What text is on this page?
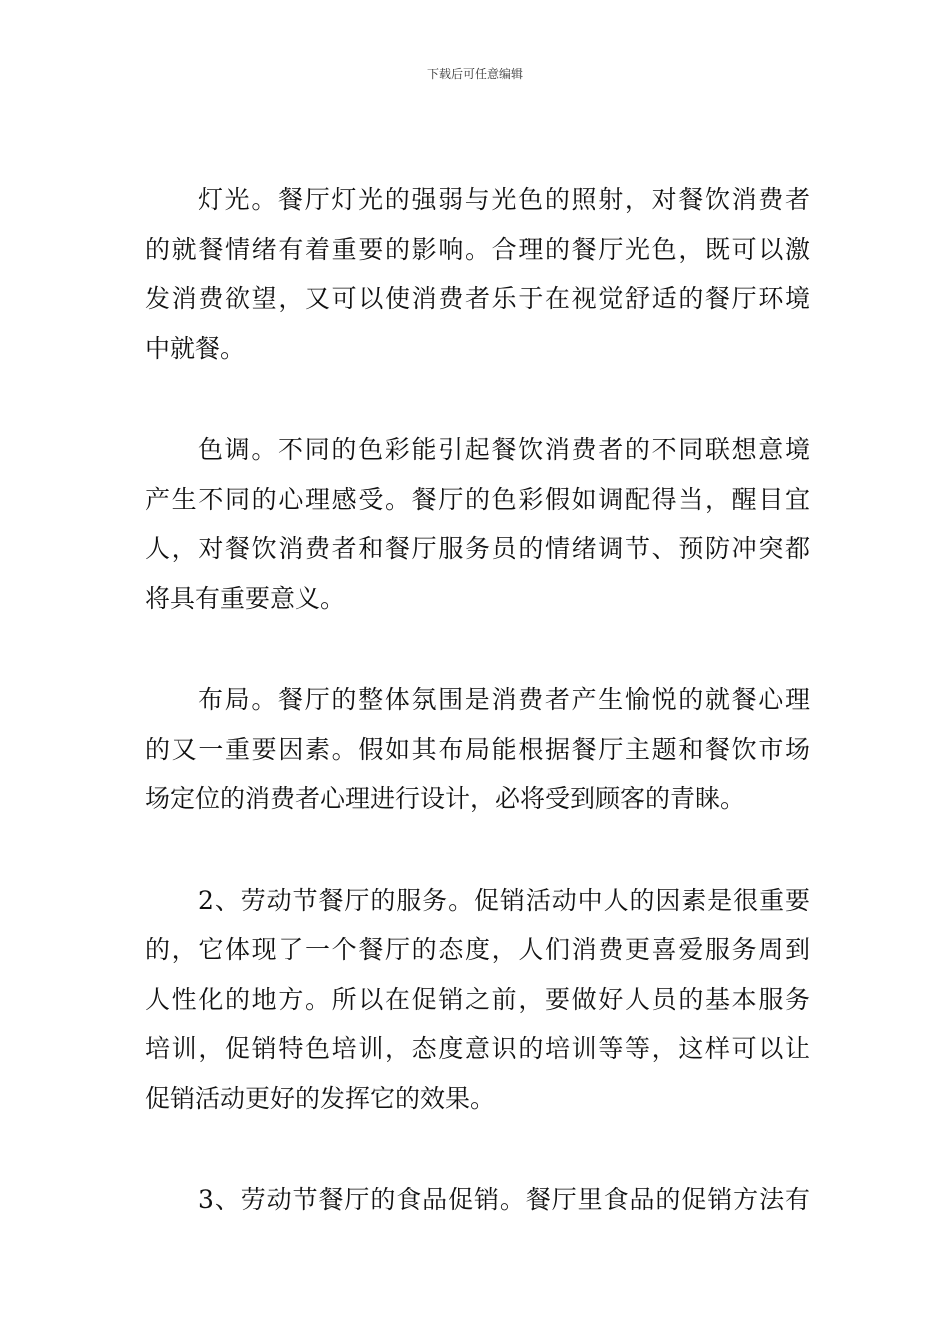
下载后可任意编辑

灯光。餐厅灯光的强弱与光色的照射，对餐饮消费者
的就餐情绪有着重要的影响。合理的餐厅光色，既可以激
发消费欲望，又可以使消费者乐于在视觉舒适的餐厅环境
中就餐。

色调。不同的色彩能引起餐饮消费者的不同联想意境
产生不同的心理感受。餐厅的色彩假如调配得当，醒目宜
人，对餐饮消费者和餐厅服务员的情绪调节、预防冲突都
将具有重要意义。

布局。餐厅的整体氛围是消费者产生愉悦的就餐心理
的又一重要因素。假如其布局能根据餐厅主题和餐饮市场
场定位的消费者心理进行设计，必将受到顾客的青睐。

2、劳动节餐厅的服务。促销活动中人的因素是很重要
的，它体现了一个餐厅的态度，人们消费更喜爱服务周到
人性化的地方。所以在促销之前，要做好人员的基本服务
培训，促销特色培训，态度意识的培训等等，这样可以让
促销活动更好的发挥它的效果。

3、劳动节餐厅的食品促销。餐厅里食品的促销方法有
